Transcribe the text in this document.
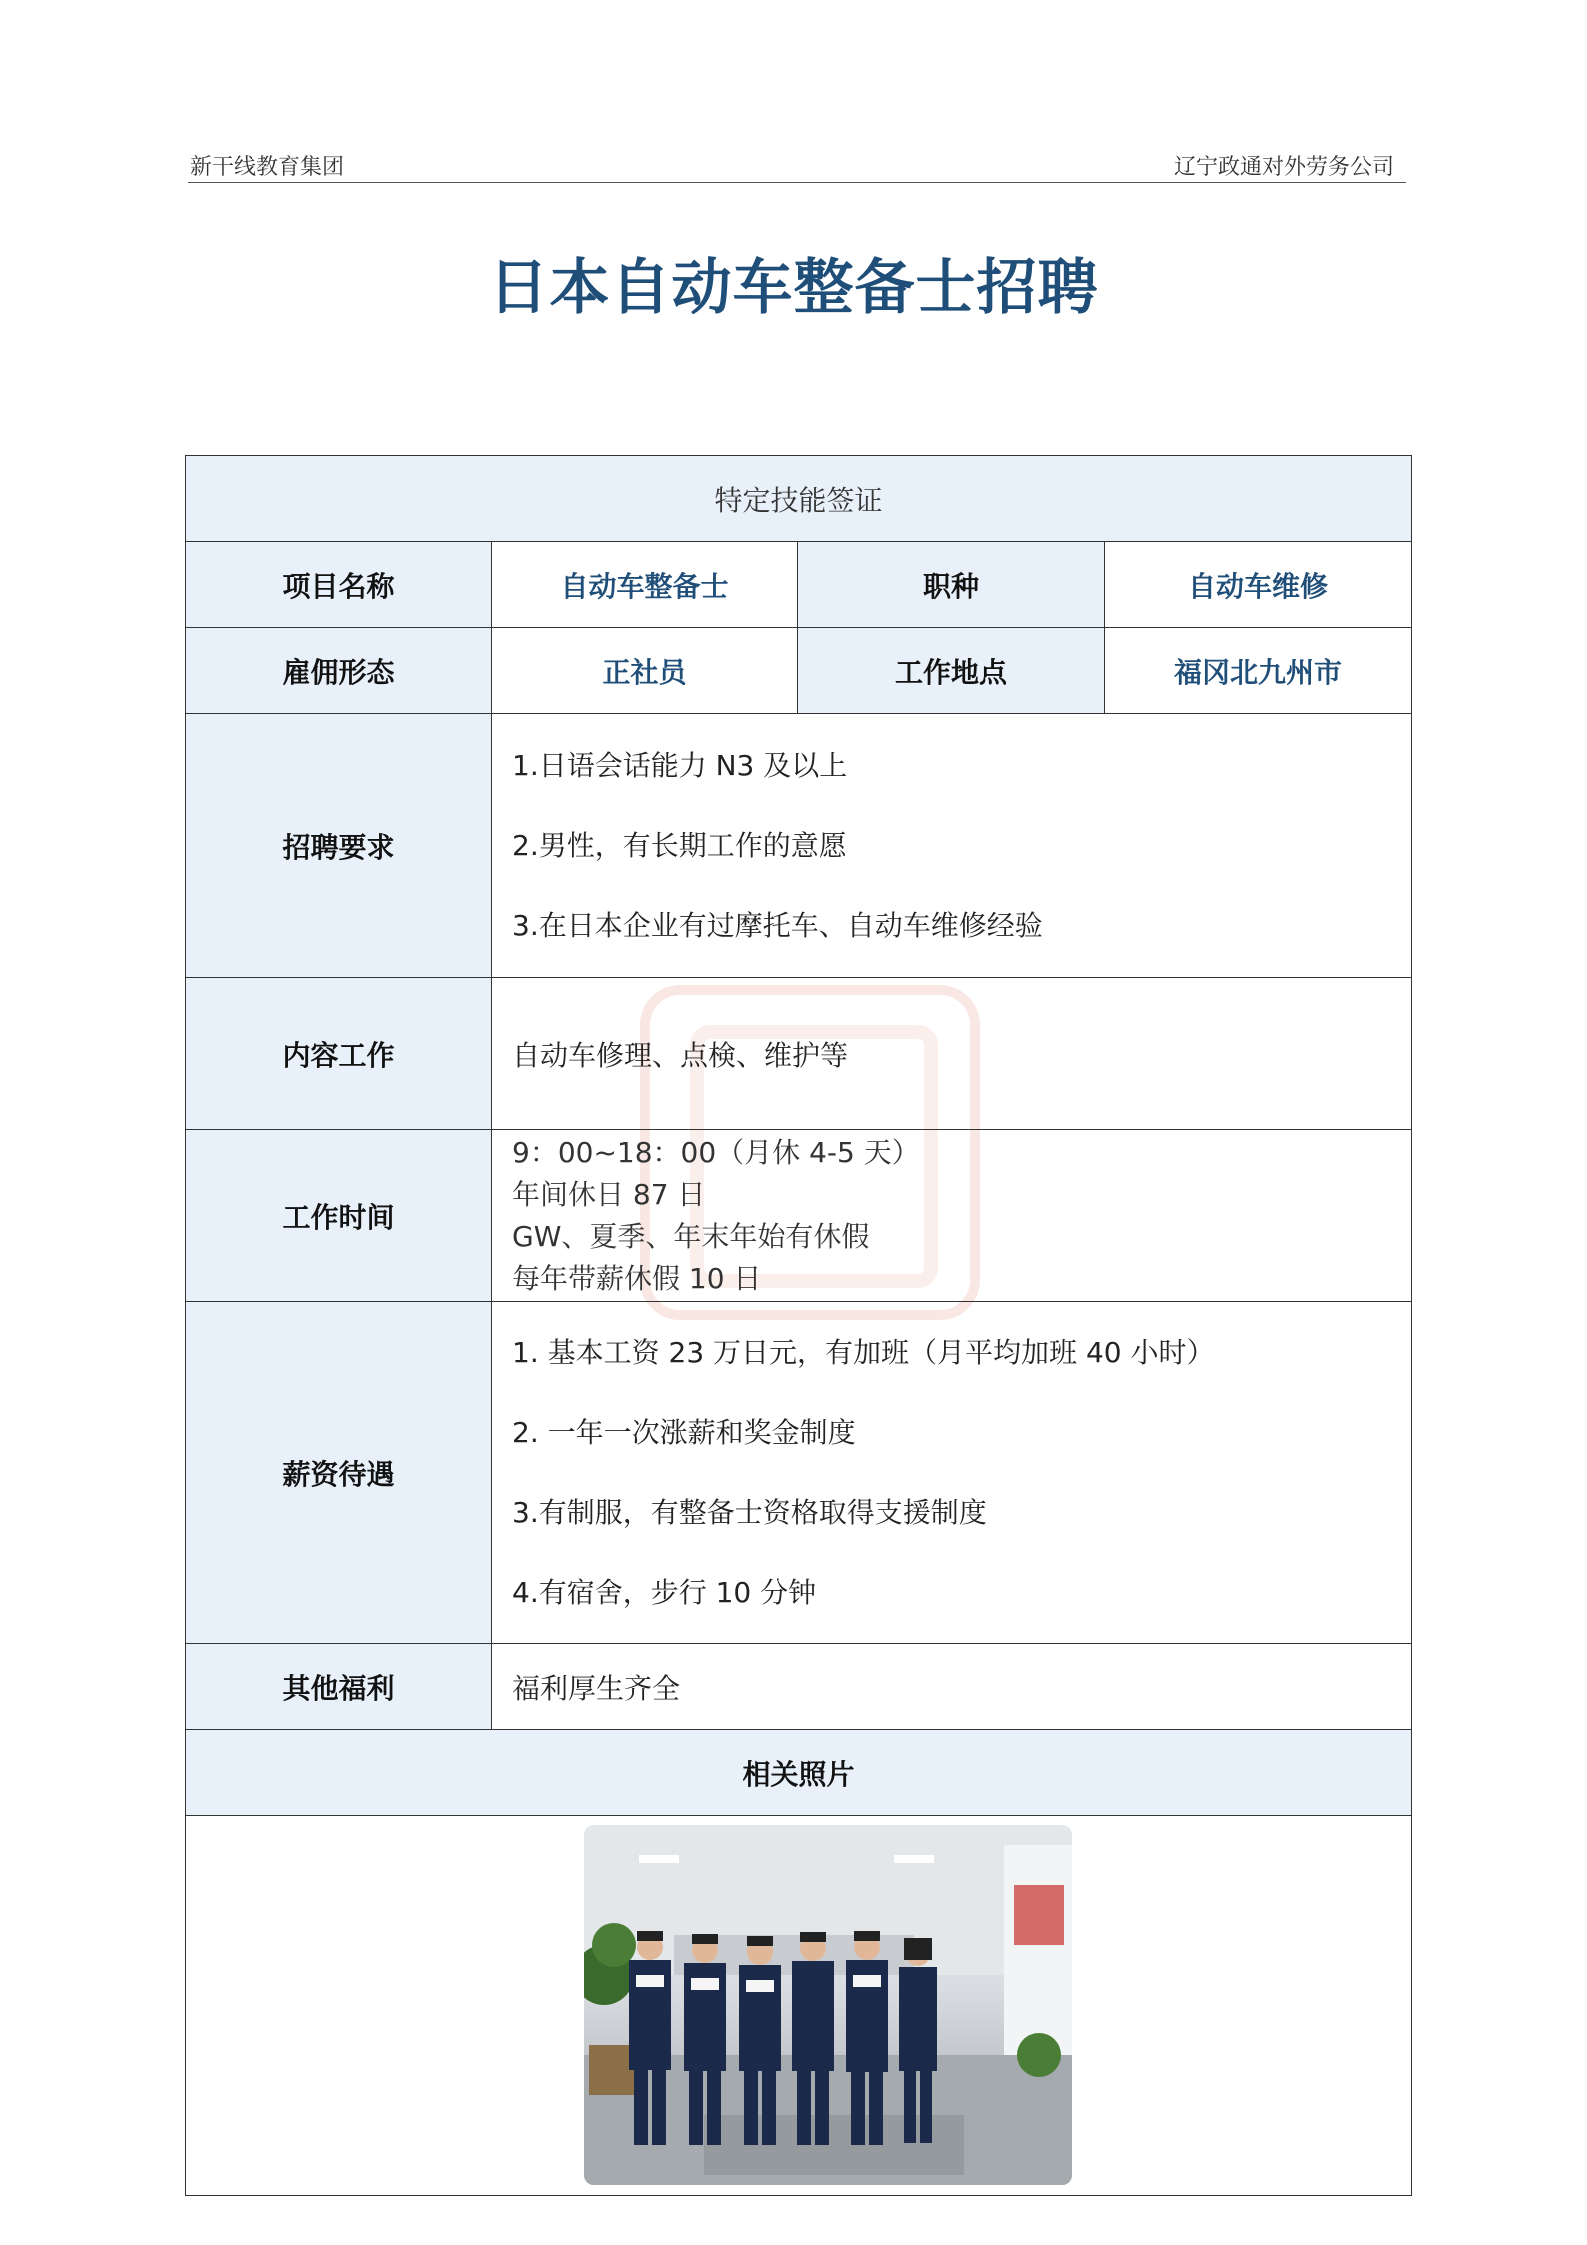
新干线教育集团	辽宁政通对外劳务公司
日本自动车整备士招聘
特定技能签证			
项目名称	自动车整备士	职种	自动车维修
雇佣形态	正社员	工作地点	福冈北九州市
招聘要求	1.日语会话能力 N3 及以上

2.男性，有长期工作的意愿

3.在日本企业有过摩托车、自动车维修经验		

内容工作	自动车修理、点検、维护等		
工作时间	9：00~18：00（月休 4-5 天）

年间休日 87 日

GW、夏季、年末年始有休假

每年带薪休假 10 日		

薪资待遇	1. 基本工资 23 万日元，有加班（月平均加班 40 小时）

2. 一年一次涨薪和奖金制度

3.有制服，有整备士资格取得支援制度

4.有宿舍，步行 10 分钟		

其他福利	福利厚生齐全		
相关照片			
